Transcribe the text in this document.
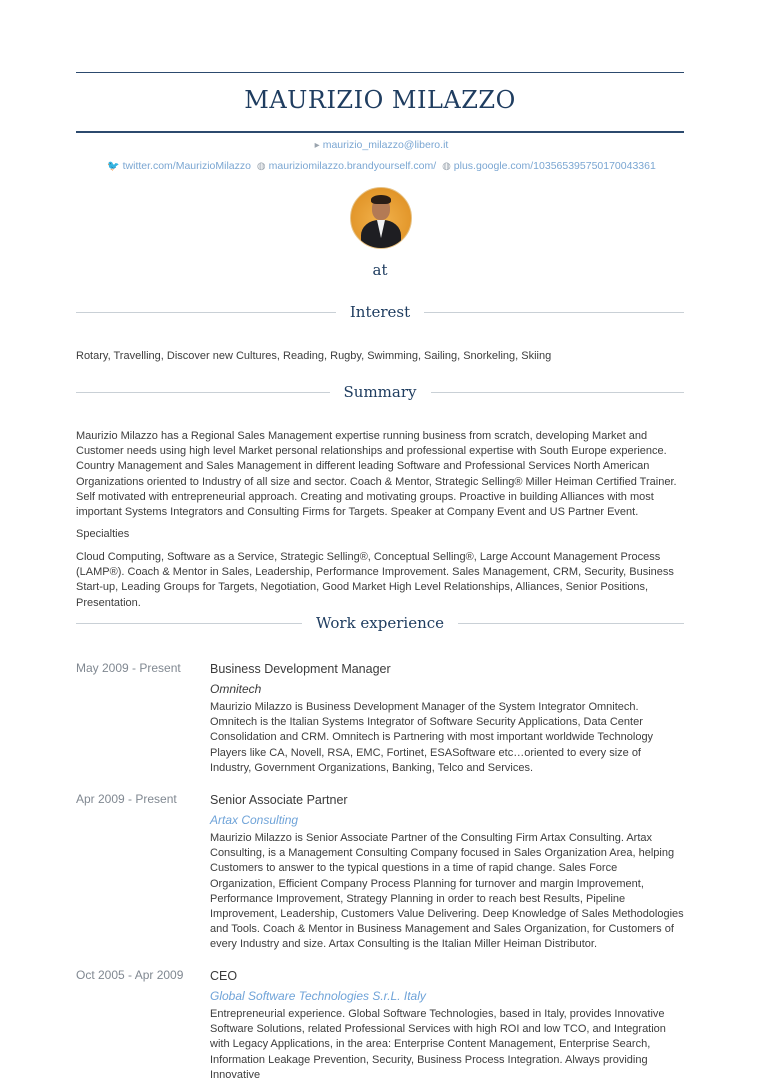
MAURIZIO MILAZZO
▸ maurizio_milazzo@libero.it
🐦 twitter.com/MaurizioMilazzo ◍ mauriziomilazzo.brandyourself.com/ ◍ plus.google.com/103565395750170043361
at
Interest
Rotary, Travelling, Discover new Cultures, Reading, Rugby, Swimming, Sailing, Snorkeling, Skiing
Summary
Maurizio Milazzo has a Regional Sales Management expertise running business from scratch, developing Market and Customer needs using high level Market personal relationships and professional expertise with South Europe experience. Country Management and Sales Management in different leading Software and Professional Services North American Organizations oriented to Industry of all size and sector. Coach & Mentor, Strategic Selling® Miller Heiman Certified Trainer. Self motivated with entrepreneurial approach. Creating and motivating groups. Proactive in building Alliances with most important Systems Integrators and Consulting Firms for Targets. Speaker at Company Event and US Partner Event.
Specialties
Cloud Computing, Software as a Service, Strategic Selling®, Conceptual Selling®, Large Account Management Process (LAMP®). Coach & Mentor in Sales, Leadership, Performance Improvement. Sales Management, CRM, Security, Business Start-up, Leading Groups for Targets, Negotiation, Good Market High Level Relationships, Alliances, Senior Positions, Presentation.
Work experience
May 2009 - Present	Business Development Manager
Omnitech
Maurizio Milazzo is Business Development Manager of the System Integrator Omnitech. Omnitech is the Italian Systems Integrator of Software Security Applications, Data Center Consolidation and CRM. Omnitech is Partnering with most important worldwide Technology Players like CA, Novell, RSA, EMC, Fortinet, ESASoftware etc…oriented to every size of Industry, Government Organizations, Banking, Telco and Services.
Apr 2009 - Present	Senior Associate Partner
Artax Consulting
Maurizio Milazzo is Senior Associate Partner of the Consulting Firm Artax Consulting. Artax Consulting, is a Management Consulting Company focused in Sales Organization Area, helping Customers to answer to the typical questions in a time of rapid change. Sales Force Organization, Efficient Company Process Planning for turnover and margin Improvement, Performance Improvement, Strategy Planning in order to reach best Results, Pipeline Improvement, Leadership, Customers Value Delivering. Deep Knowledge of Sales Methodologies and Tools. Coach & Mentor in Business Management and Sales Organization, for Customers of every Industry and size. Artax Consulting is the Italian Miller Heiman Distributor.
Oct 2005 - Apr 2009	CEO
Global Software Technologies S.r.L. Italy
Entrepreneurial experience. Global Software Technologies, based in Italy, provides Innovative Software Solutions, related Professional Services with high ROI and low TCO, and Integration with Legacy Applications, in the area: Enterprise Content Management, Enterprise Search, Information Leakage Prevention, Security, Business Process Integration. Always providing Innovative
